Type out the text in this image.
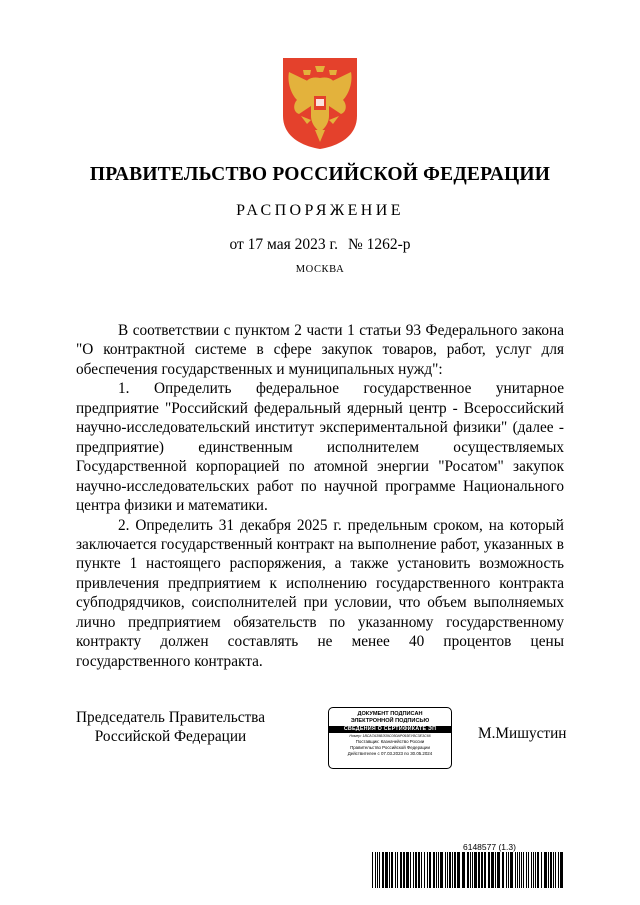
ПРАВИТЕЛЬСТВО РОССИЙСКОЙ ФЕДЕРАЦИИ
РАСПОРЯЖЕНИЕ
от 17 мая 2023 г. № 1262-р
МОСКВА

В соответствии с пунктом 2 части 1 статьи 93 Федерального закона "О контрактной системе в сфере закупок товаров, работ, услуг для обеспечения государственных и муниципальных нужд":

1. Определить федеральное государственное унитарное предприятие "Российский федеральный ядерный центр - Всероссийский научно-исследовательский институт экспериментальной физики" (далее - предприятие) единственным исполнителем осуществляемых Государственной корпорацией по атомной энергии "Росатом" закупок научно-исследовательских работ по научной программе Национального центра физики и математики.

2. Определить 31 декабря 2025 г. предельным сроком, на который заключается государственный контракт на выполнение работ, указанных в пункте 1 настоящего распоряжения, а также установить возможность привлечения предприятием к исполнению государственного контракта субподрядчиков, соисполнителей при условии, что объем выполняемых лично предприятием обязательств по указанному государственному контракту должен составлять не менее 40 процентов цены государственного контракта.

Председатель Правительства
Российской Федерации
ДОКУМЕНТ ПОДПИСАН
ЭЛЕКТРОННОЙ ПОДПИСЬЮ
СВЕДЕНИЯ О СЕРТИФИКАТЕ ЭП
Номер: 1ВСА7А39ВЭ39С050АР093ЕУ8С3Е3С66
Поставщик: Казначейство России
Правительство Российской Федерации
Действителен с 07.03.2023 по 30.05.2024
М.Мишустин
6148577 (1.3)
